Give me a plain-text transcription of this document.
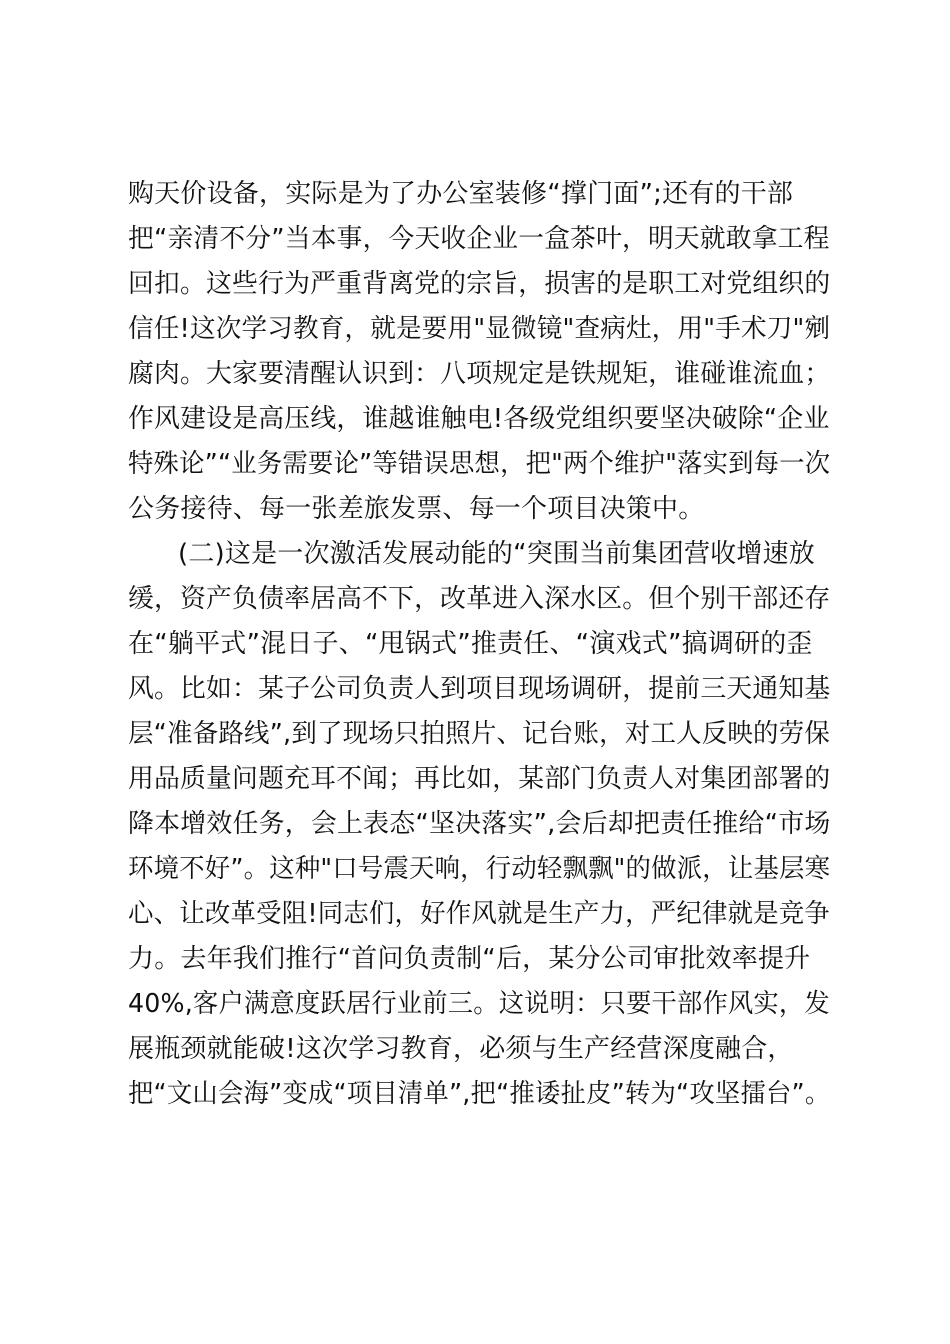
购天价设备，实际是为了办公室装修“撑门面”;还有的干部
把“亲清不分”当本事，今天收企业一盒茶叶，明天就敢拿工程
回扣。这些行为严重背离党的宗旨，损害的是职工对党组织的
信任!这次学习教育，就是要用"显微镜"查病灶，用"手术刀"剜
腐肉。大家要清醒认识到：八项规定是铁规矩，谁碰谁流血；
作风建设是高压线，谁越谁触电!各级党组织要坚决破除“企业
特殊论”“业务需要论”等错误思想，把"两个维护"落实到每一次
公务接待、每一张差旅发票、每一个项目决策中。
(二)这是一次激活发展动能的“突围当前集团营收增速放
缓，资产负债率居高不下，改革进入深水区。但个别干部还存
在“躺平式”混日子、“甩锅式”推责任、“演戏式”搞调研的歪
风。比如：某子公司负责人到项目现场调研，提前三天通知基
层“准备路线”,到了现场只拍照片、记台账，对工人反映的劳保
用品质量问题充耳不闻；再比如，某部门负责人对集团部署的
降本增效任务，会上表态“坚决落实”,会后却把责任推给“市场
环境不好”。这种"口号震天响，行动轻飘飘"的做派，让基层寒
心、让改革受阻!同志们，好作风就是生产力，严纪律就是竞争
力。去年我们推行“首问负责制“后，某分公司审批效率提升
40%,客户满意度跃居行业前三。这说明：只要干部作风实，发
展瓶颈就能破!这次学习教育，必须与生产经营深度融合，
把“文山会海”变成“项目清单”,把“推诿扯皮”转为“攻坚擂台”。
